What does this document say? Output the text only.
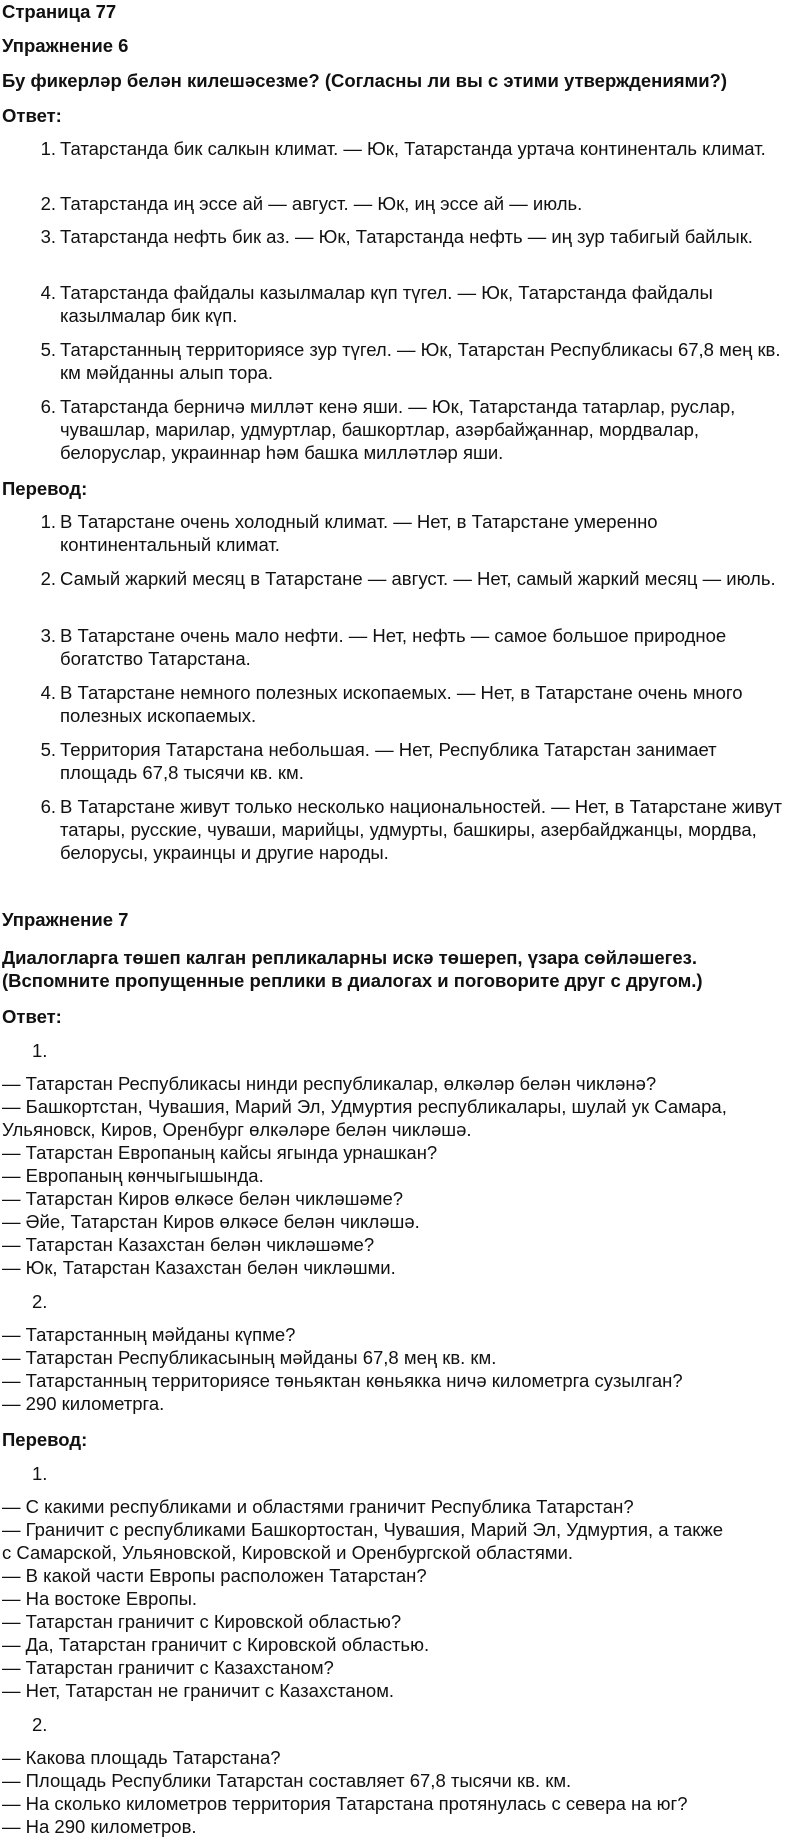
Страница 77
Упражнение 6
Бу фикерләр белән килешәсезме? (Согласны ли вы с этими утверждениями?)
Ответ:
1. Татарстанда бик салкын климат. — Юк, Татарстанда уртача континенталь климат.
2. Татарстанда иң эссе ай — август. — Юк, иң эссе ай — июль.
3. Татарстанда нефть бик аз. — Юк, Татарстанда нефть — иң зур табигый байлык.
4. Татарстанда файдалы казылмалар күп түгел. — Юк, Татарстанда файдалы казылмалар бик күп.
5. Татарстанның территориясе зур түгел. — Юк, Татарстан Республикасы 67,8 мең кв. км мәйданны алып тора.
6. Татарстанда берничә милләт кенә яши. — Юк, Татарстанда татарлар, руслар, чувашлар, марилар, удмуртлар, башкортлар, азәрбайҗаннар, мордвалар, белоруслар, украиннар һәм башка милләтләр яши.
Перевод:
1. В Татарстане очень холодный климат. — Нет, в Татарстане умеренно континентальный климат.
2. Самый жаркий месяц в Татарстане — август. — Нет, самый жаркий месяц — июль.
3. В Татарстане очень мало нефти. — Нет, нефть — самое большое природное богатство Татарстана.
4. В Татарстане немного полезных ископаемых. — Нет, в Татарстане очень много полезных ископаемых.
5. Территория Татарстана небольшая. — Нет, Республика Татарстан занимает площадь 67,8 тысячи кв. км.
6. В Татарстане живут только несколько национальностей. — Нет, в Татарстане живут татары, русские, чуваши, марийцы, удмурты, башкиры, азербайджанцы, мордва, белорусы, украинцы и другие народы.
Упражнение 7
Диалогларга төшеп калган репликаларны искә төшереп, үзара сөйләшегез.
(Вспомните пропущенные реплики в диалогах и поговорите друг с другом.)
Ответ:
1.
— Татарстан Республикасы нинди республикалар, өлкәләр белән чикләнә?
— Башкортстан, Чувашия, Марий Эл, Удмуртия республикалары, шулай ук Самара,
Ульяновск, Киров, Оренбург өлкәләре белән чикләшә.
— Татарстан Европаның кайсы ягында урнашкан?
— Европаның көнчыгышында.
— Татарстан Киров өлкәсе белән чикләшәме?
— Әйе, Татарстан Киров өлкәсе белән чикләшә.
— Татарстан Казахстан белән чикләшәме?
— Юк, Татарстан Казахстан белән чикләшми.
2.
— Татарстанның мәйданы күпме?
— Татарстан Республикасының мәйданы 67,8 мең кв. км.
— Татарстанның территориясе төньяктан көньякка ничә километрга сузылган?
— 290 километрга.
Перевод:
1.
— С какими республиками и областями граничит Республика Татарстан?
— Граничит с республиками Башкортостан, Чувашия, Марий Эл, Удмуртия, а также
с Самарской, Ульяновской, Кировской и Оренбургской областями.
— В какой части Европы расположен Татарстан?
— На востоке Европы.
— Татарстан граничит с Кировской областью?
— Да, Татарстан граничит с Кировской областью.
— Татарстан граничит с Казахстаном?
— Нет, Татарстан не граничит с Казахстаном.
2.
— Какова площадь Татарстана?
— Площадь Республики Татарстан составляет 67,8 тысячи кв. км.
— На сколько километров территория Татарстана протянулась с севера на юг?
— На 290 километров.
